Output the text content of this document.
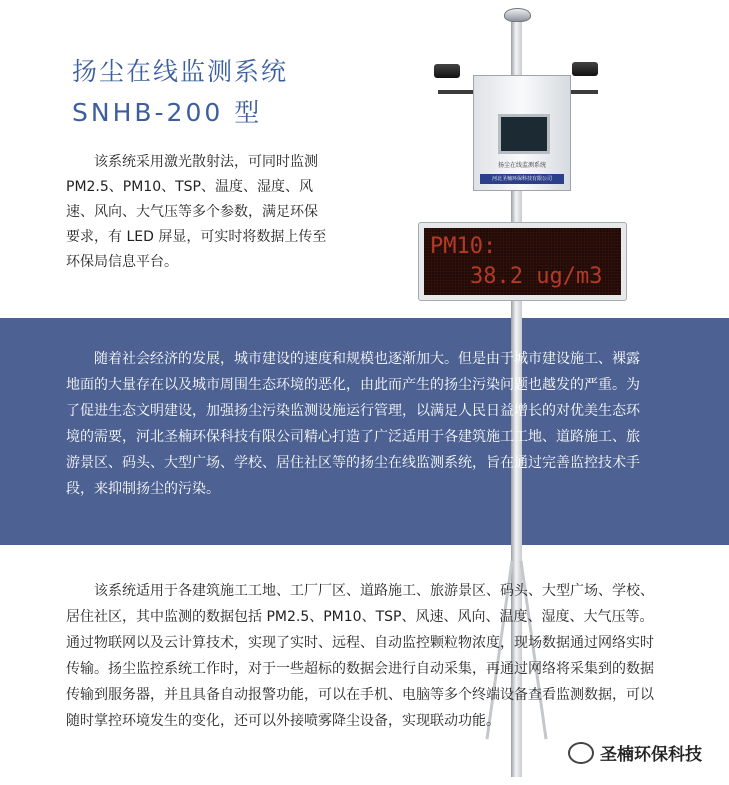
扬尘在线监测系统
SNHB-200 型
该系统采用激光散射法，可同时监测 PM2.5、PM10、TSP、温度、湿度、风速、风向、大气压等多个参数，满足环保要求，有 LED 屏显，可实时将数据上传至环保局信息平台。
扬尘在线监测系统
河北圣楠环保科技有限公司
PM10:
38.2 ug/m3
随着社会经济的发展，城市建设的速度和规模也逐渐加大。但是由于城市建设施工、裸露地面的大量存在以及城市周围生态环境的恶化，由此而产生的扬尘污染问题也越发的严重。为了促进生态文明建设，加强扬尘污染监测设施运行管理，以满足人民日益增长的对优美生态环境的需要，河北圣楠环保科技有限公司精心打造了广泛适用于各建筑施工工地、道路施工、旅游景区、码头、大型广场、学校、居住社区等的扬尘在线监测系统，旨在通过完善监控技术手段，来抑制扬尘的污染。
该系统适用于各建筑施工工地、工厂厂区、道路施工、旅游景区、码头、大型广场、学校、居住社区，其中监测的数据包括 PM2.5、PM10、TSP、风速、风向、温度、湿度、大气压等。通过物联网以及云计算技术，实现了实时、远程、自动监控颗粒物浓度，现场数据通过网络实时传输。扬尘监控系统工作时，对于一些超标的数据会进行自动采集，再通过网络将采集到的数据传输到服务器，并且具备自动报警功能，可以在手机、电脑等多个终端设备查看监测数据，可以随时掌控环境发生的变化，还可以外接喷雾降尘设备，实现联动功能。
圣楠环保科技
